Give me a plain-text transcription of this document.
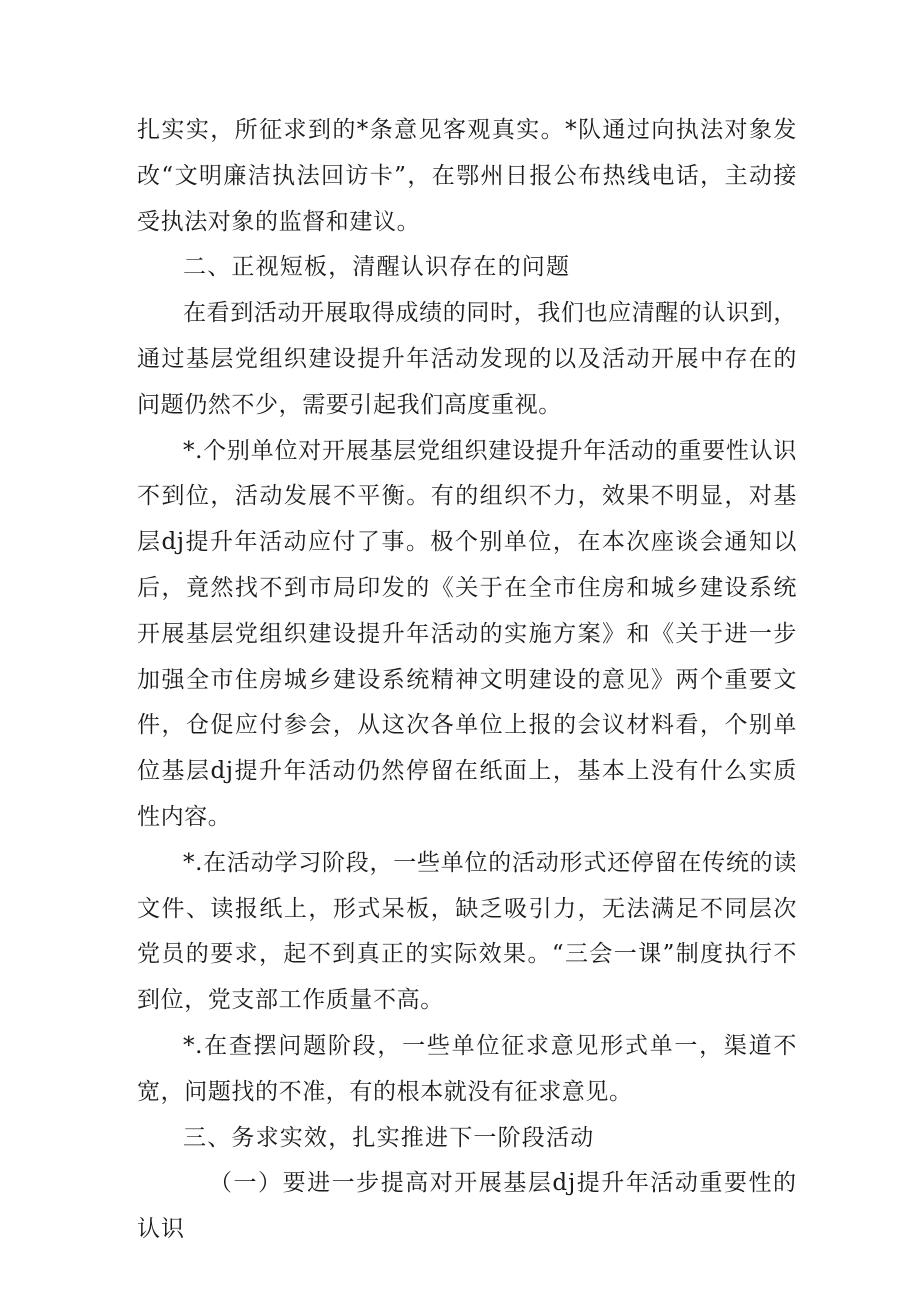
扎实实，所征求到的*条意见客观真实。*队通过向执法对象发改“文明廉洁执法回访卡”，在鄂州日报公布热线电话，主动接受执法对象的监督和建议。

二、正视短板，清醒认识存在的问题

在看到活动开展取得成绩的同时，我们也应清醒的认识到，通过基层党组织建设提升年活动发现的以及活动开展中存在的问题仍然不少，需要引起我们高度重视。

*.个别单位对开展基层党组织建设提升年活动的重要性认识不到位，活动发展不平衡。有的组织不力，效果不明显，对基层dj提升年活动应付了事。极个别单位，在本次座谈会通知以后，竟然找不到市局印发的《关于在全市住房和城乡建设系统开展基层党组织建设提升年活动的实施方案》和《关于进一步加强全市住房城乡建设系统精神文明建设的意见》两个重要文件，仓促应付参会，从这次各单位上报的会议材料看，个别单位基层dj提升年活动仍然停留在纸面上，基本上没有什么实质性内容。

*.在活动学习阶段，一些单位的活动形式还停留在传统的读文件、读报纸上，形式呆板，缺乏吸引力，无法满足不同层次党员的要求，起不到真正的实际效果。“三会一课”制度执行不到位，党支部工作质量不高。

*.在查摆问题阶段，一些单位征求意见形式单一，渠道不宽，问题找的不准，有的根本就没有征求意见。

三、务求实效，扎实推进下一阶段活动

（一）要进一步提高对开展基层dj提升年活动重要性的认识
